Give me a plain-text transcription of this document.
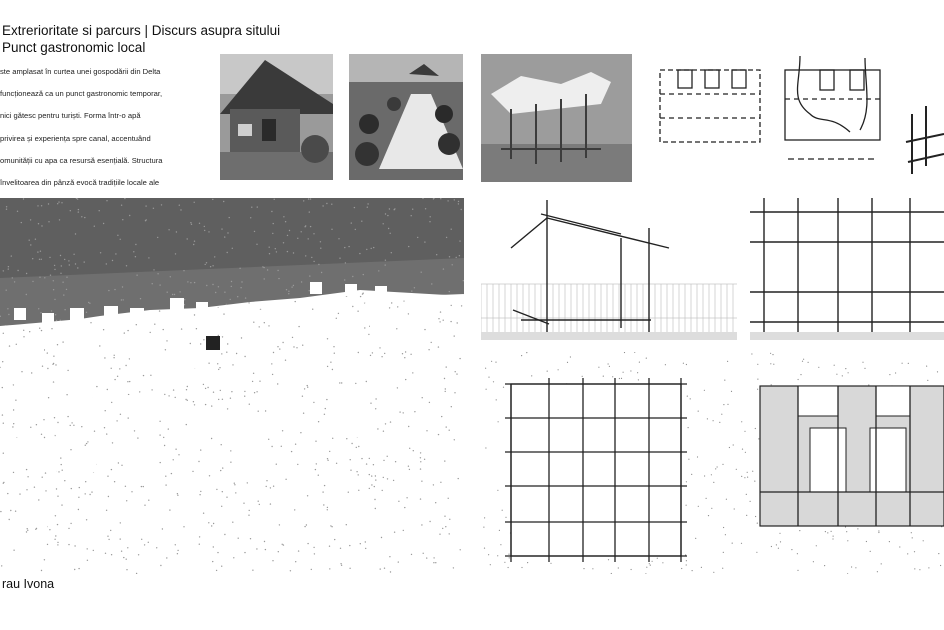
Extrerioritate si parcurs | Discurs asupra sitului
Punct gastronomic local

ste amplasat în curtea unei gospodării din Delta

funcționează ca un punct gastronomic temporar,

nici gătesc pentru turiști. Forma într-o apă

privirea și experiența spre canal, accentuând

omunității cu apa ca resursă esențială. Structura

învelitoarea din pânză evocă tradițiile locale ale

rau Ivona
